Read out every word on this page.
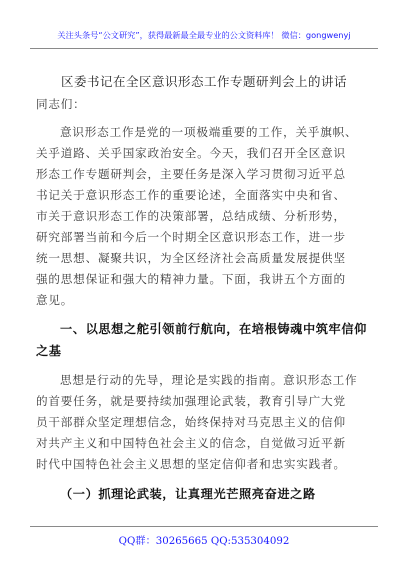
关注头条号“公文研究”，获得最新最全最专业的公文资料库！ 微信：gongwenyj
区委书记在全区意识形态工作专题研判会上的讲话
同志们：
意识形态工作是党的一项极端重要的工作，关乎旗帜、
关乎道路、关乎国家政治安全。今天，我们召开全区意识
形态工作专题研判会，主要任务是深入学习贯彻习近平总
书记关于意识形态工作的重要论述，全面落实中央和省、
市关于意识形态工作的决策部署，总结成绩、分析形势，
研究部署当前和今后一个时期全区意识形态工作，进一步
统一思想、凝聚共识，为全区经济社会高质量发展提供坚
强的思想保证和强大的精神力量。下面，我讲五个方面的
意见。
一、以思想之舵引领前行航向，在培根铸魂中筑牢信仰
之基
思想是行动的先导，理论是实践的指南。意识形态工作
的首要任务，就是要持续加强理论武装，教育引导广大党
员干部群众坚定理想信念，始终保持对马克思主义的信仰
对共产主义和中国特色社会主义的信念，自觉做习近平新
时代中国特色社会主义思想的坚定信仰者和忠实实践者。
（一）抓理论武装，让真理光芒照亮奋进之路
QQ群：30265665 QQ:535304092
